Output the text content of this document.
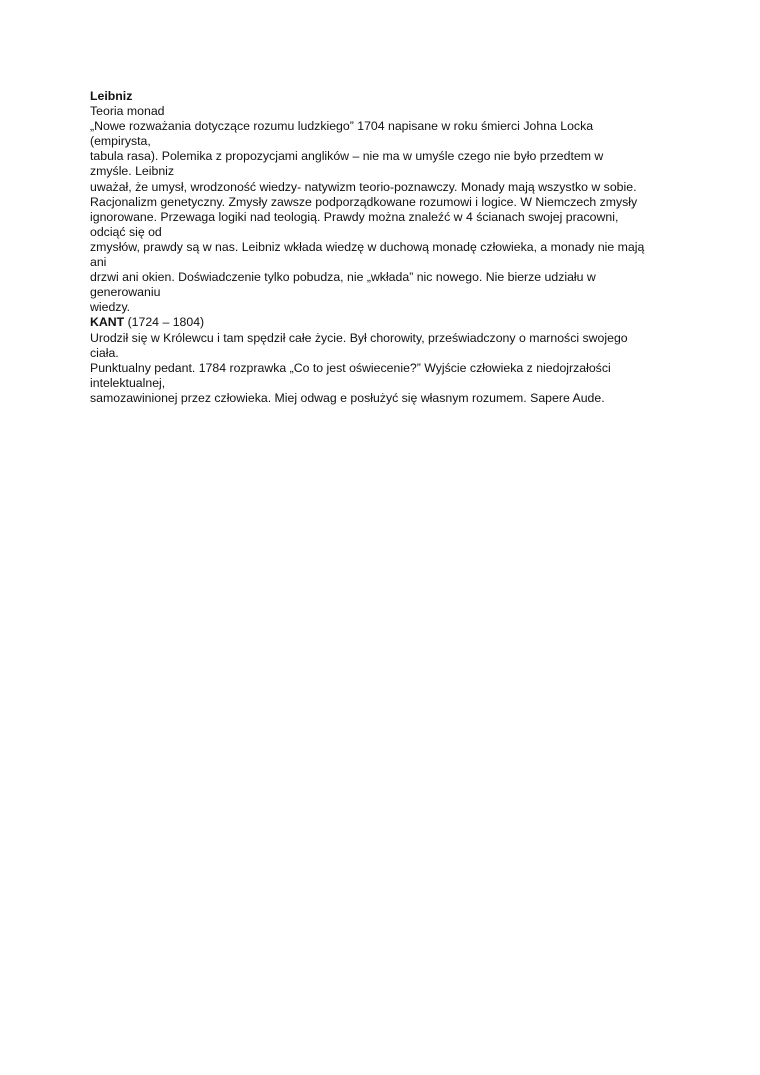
Leibniz
Teoria monad
„Nowe rozważania dotyczące rozumu ludzkiego” 1704 napisane w roku śmierci Johna Locka
(empirysta,
tabula rasa). Polemika z propozycjami anglików – nie ma w umyśle czego nie było przedtem w
zmyśle. Leibniz
uważał, że umysł, wrodzoność wiedzy- natywizm teorio-poznawczy. Monady mają wszystko w sobie.
Racjonalizm genetyczny. Zmysły zawsze podporządkowane rozumowi i logice. W Niemczech zmysły
ignorowane. Przewaga logiki nad teologią. Prawdy można znaleźć w 4 ścianach swojej pracowni,
odciąć się od
zmysłów, prawdy są w nas. Leibniz wkłada wiedzę w duchową monadę człowieka, a monady nie mają
ani
drzwi ani okien. Doświadczenie tylko pobudza, nie „wkłada” nic nowego. Nie bierze udziału w
generowaniu
wiedzy.
KANT (1724 – 1804)
Urodził się w Królewcu i tam spędził całe życie. Był chorowity, przeświadczony o marności swojego
ciała.
Punktualny pedant. 1784 rozprawka „Co to jest oświecenie?” Wyjście człowieka z niedojrzałości
intelektualnej,
samozawinionej przez człowieka. Miej odwag e posłużyć się własnym rozumem. Sapere Aude.
